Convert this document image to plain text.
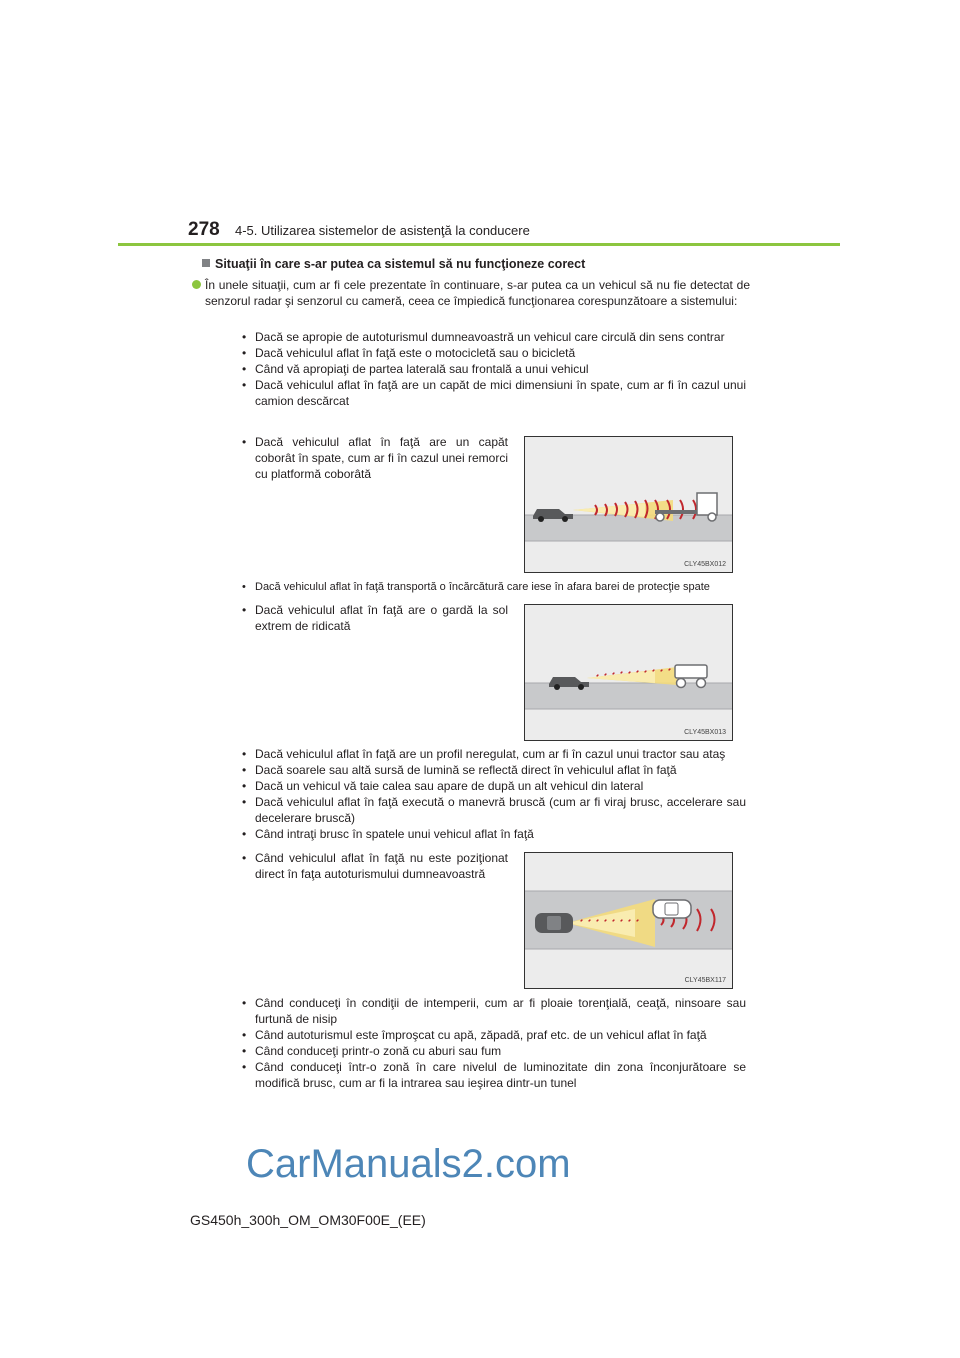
278 4-5. Utilizarea sistemelor de asistenţă la conducere
Situaţii în care s-ar putea ca sistemul să nu funcţioneze corect
În unele situaţii, cum ar fi cele prezentate în continuare, s-ar putea ca un vehicul să nu fie detectat de senzorul radar şi senzorul cu cameră, ceea ce împiedică funcţionarea corespunzătoare a sistemului:
• Dacă se apropie de autoturismul dumneavoastră un vehicul care circulă din sens contrar
• Dacă vehiculul aflat în faţă este o motocicletă sau o bicicletă
• Când vă apropiaţi de partea laterală sau frontală a unui vehicul
• Dacă vehiculul aflat în faţă are un capăt de mici dimensiuni în spate, cum ar fi în cazul unui camion descărcat
• Dacă vehiculul aflat în faţă are un capăt coborât în spate, cum ar fi în cazul unei remorci cu platformă coborâtă
CLY45BX012
• Dacă vehiculul aflat în faţă transportă o încărcătură care iese în afara barei de protecţie spate
• Dacă vehiculul aflat în faţă are o gardă la sol extrem de ridicată
CLY45BX013
• Dacă vehiculul aflat în faţă are un profil neregulat, cum ar fi în cazul unui tractor sau ataş
• Dacă soarele sau altă sursă de lumină se reflectă direct în vehiculul aflat în faţă
• Dacă un vehicul vă taie calea sau apare de după un alt vehicul din lateral
• Dacă vehiculul aflat în faţă execută o manevră bruscă (cum ar fi viraj brusc, accelerare sau decelerare bruscă)
• Când intraţi brusc în spatele unui vehicul aflat în faţă
• Când vehiculul aflat în faţă nu este poziţionat direct în faţa autoturismului dumneavoastră
CLY45BX117
• Când conduceţi în condiţii de intemperii, cum ar fi ploaie torenţială, ceaţă, ninsoare sau furtună de nisip
• Când autoturismul este împroşcat cu apă, zăpadă, praf etc. de un vehicul aflat în faţă
• Când conduceţi printr-o zonă cu aburi sau fum
• Când conduceţi într-o zonă în care nivelul de luminozitate din zona înconjurătoare se modifică brusc, cum ar fi la intrarea sau ieşirea dintr-un tunel
CarManuals2.com
GS450h_300h_OM_OM30F00E_(EE)
